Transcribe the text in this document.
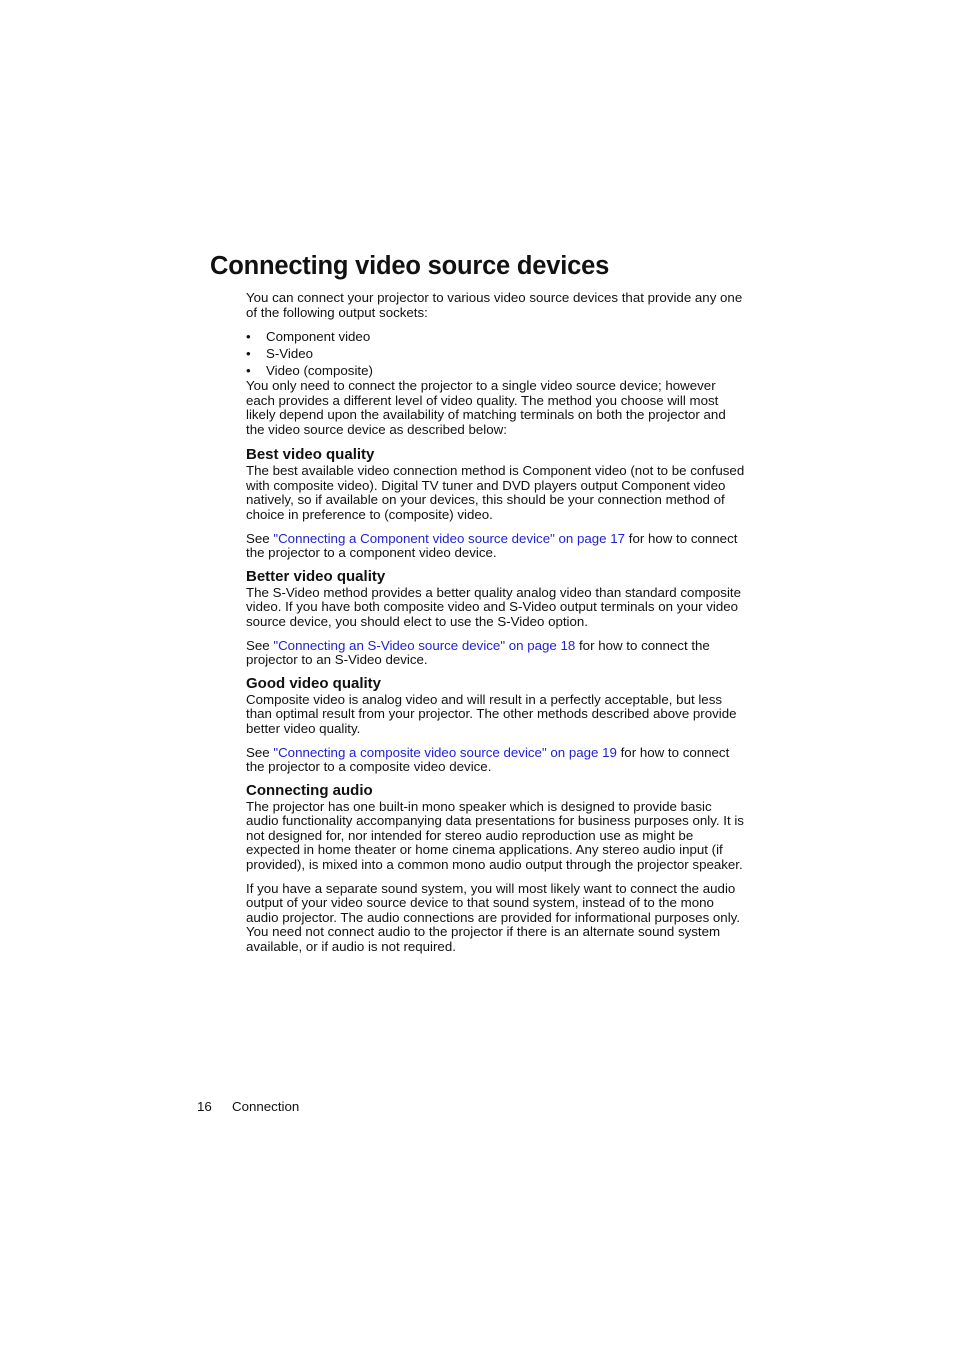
Connecting video source devices

You can connect your projector to various video source devices that provide any one of the following output sockets:

• Component video
• S-Video
• Video (composite)

You only need to connect the projector to a single video source device; however each provides a different level of video quality. The method you choose will most likely depend upon the availability of matching terminals on both the projector and the video source device as described below:

Best video quality

The best available video connection method is Component video (not to be confused with composite video). Digital TV tuner and DVD players output Component video natively, so if available on your devices, this should be your connection method of choice in preference to (composite) video.

See "Connecting a Component video source device" on page 17 for how to connect the projector to a component video device.

Better video quality

The S-Video method provides a better quality analog video than standard composite video. If you have both composite video and S-Video output terminals on your video source device, you should elect to use the S-Video option.

See "Connecting an S-Video source device" on page 18 for how to connect the projector to an S-Video device.

Good video quality

Composite video is analog video and will result in a perfectly acceptable, but less than optimal result from your projector. The other methods described above provide better video quality.

See "Connecting a composite video source device" on page 19 for how to connect the projector to a composite video device.

Connecting audio

The projector has one built-in mono speaker which is designed to provide basic audio functionality accompanying data presentations for business purposes only. It is not designed for, nor intended for stereo audio reproduction use as might be expected in home theater or home cinema applications. Any stereo audio input (if provided), is mixed into a common mono audio output through the projector speaker.

If you have a separate sound system, you will most likely want to connect the audio output of your video source device to that sound system, instead of to the mono audio projector. The audio connections are provided for informational purposes only. You need not connect audio to the projector if there is an alternate sound system available, or if audio is not required.

16 Connection
